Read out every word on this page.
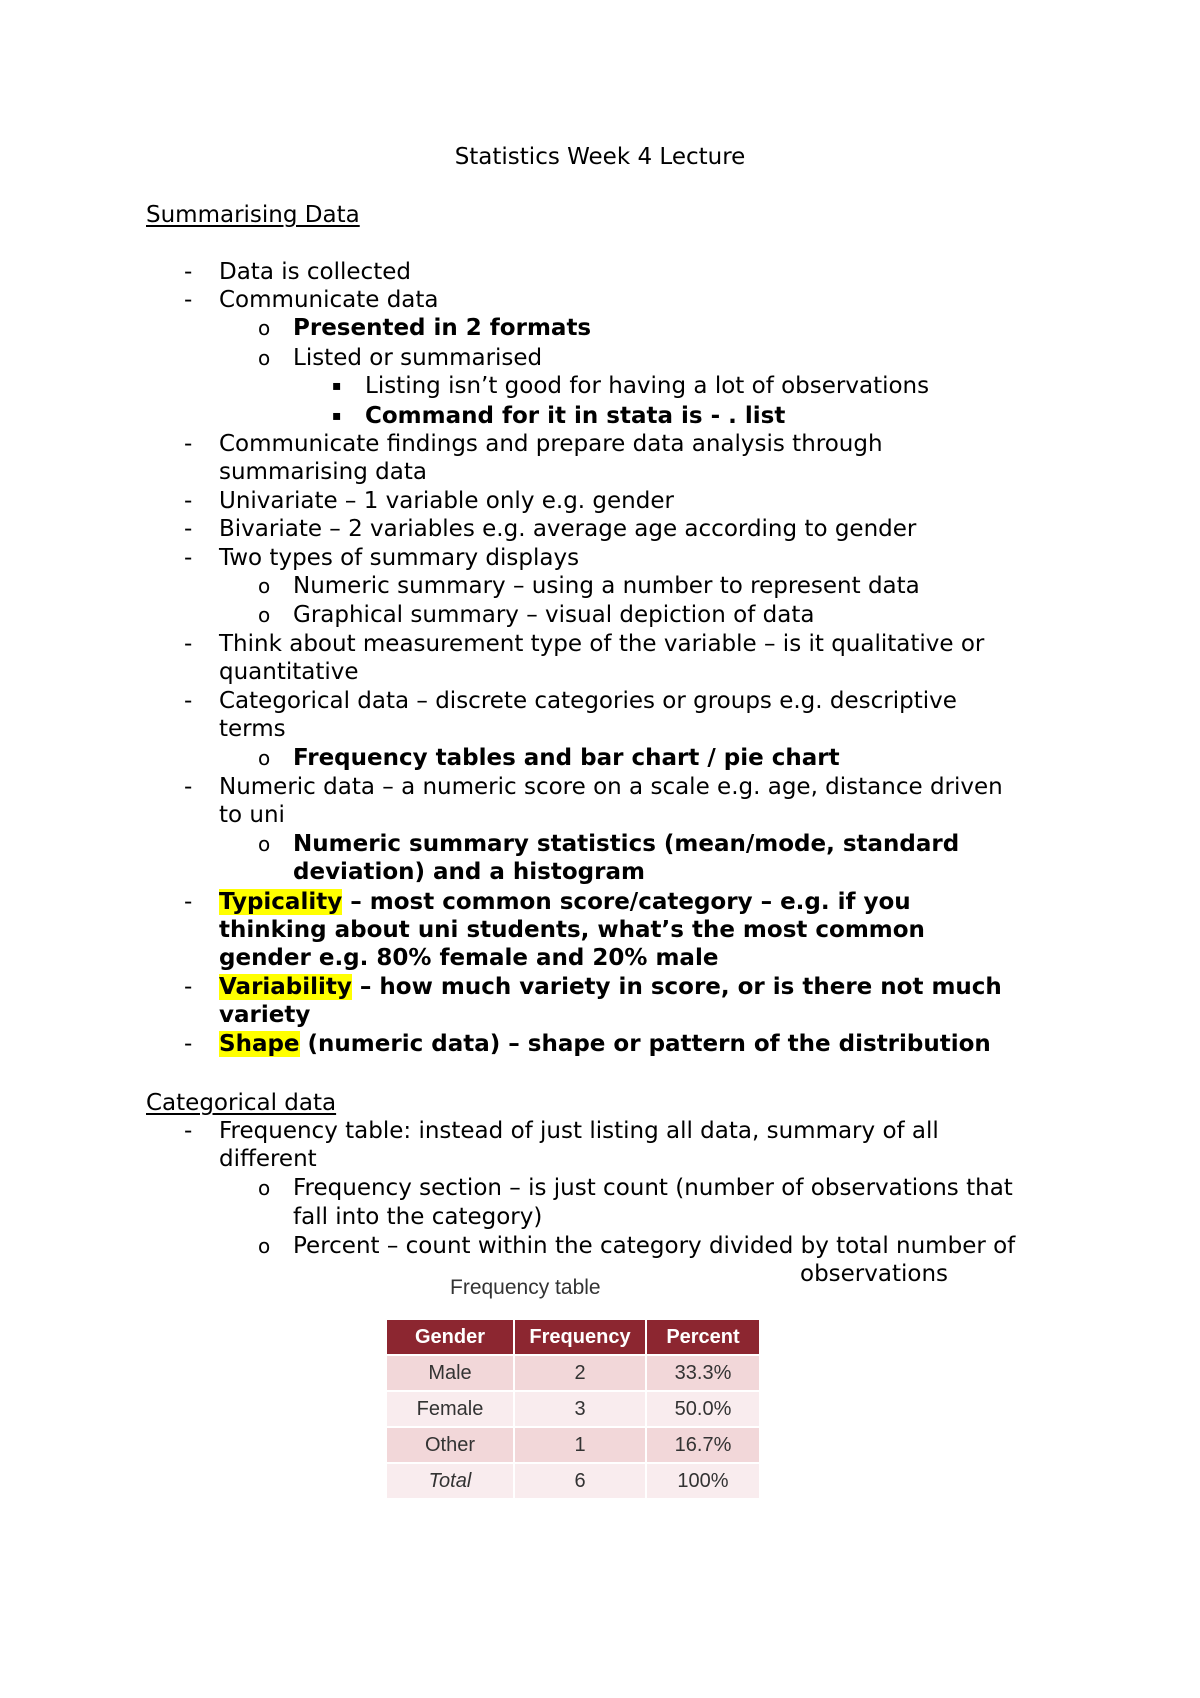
Statistics Week 4 Lecture
Summarising Data
- Data is collected
- Communicate data
o Presented in 2 formats
o Listed or summarised
▪ Listing isn’t good for having a lot of observations
▪ Command for it in stata is - . list
- Communicate findings and prepare data analysis through
summarising data
- Univariate – 1 variable only e.g. gender
- Bivariate – 2 variables e.g. average age according to gender
- Two types of summary displays
o Numeric summary – using a number to represent data
o Graphical summary – visual depiction of data
- Think about measurement type of the variable – is it qualitative or
quantitative
- Categorical data – discrete categories or groups e.g. descriptive
terms
o Frequency tables and bar chart / pie chart
- Numeric data – a numeric score on a scale e.g. age, distance driven
to uni
o Numeric summary statistics (mean/mode, standard
deviation) and a histogram
- Typicality – most common score/category – e.g. if you
thinking about uni students, what’s the most common
gender e.g. 80% female and 20% male
- Variability – how much variety in score, or is there not much
variety
- Shape (numeric data) – shape or pattern of the distribution
Categorical data
- Frequency table: instead of just listing all data, summary of all
different
o Frequency section – is just count (number of observations that
fall into the category)
o Percent – count within the category divided by total number of
observations
Frequency table
Gender	Frequency	Percent
Male	2	33.3%
Female	3	50.0%
Other	1	16.7%
Total	6	100%
